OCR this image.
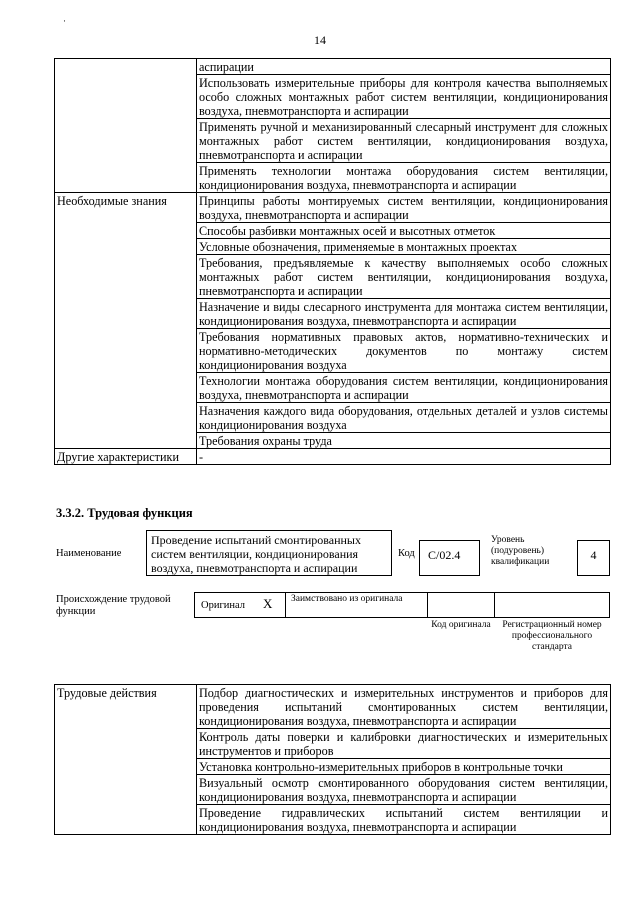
·
14
	аспирации
	Использовать измерительные приборы для контроля качества выполняемых особо сложных монтажных работ систем вентиляции, кондиционирования воздуха, пневмотранспорта и аспирации
	Применять ручной и механизированный слесарный инструмент для сложных монтажных работ систем вентиляции, кондиционирования воздуха, пневмотранспорта и аспирации
	Применять технологии монтажа оборудования систем вентиляции, кондиционирования воздуха, пневмотранспорта и аспирации
Необходимые знания	Принципы работы монтируемых систем вентиляции, кондиционирования воздуха, пневмотранспорта и аспирации
	Способы разбивки монтажных осей и высотных отметок
	Условные обозначения, применяемые в монтажных проектах
	Требования, предъявляемые к качеству выполняемых особо сложных монтажных работ систем вентиляции, кондиционирования воздуха, пневмотранспорта и аспирации
	Назначение и виды слесарного инструмента для монтажа систем вентиляции, кондиционирования воздуха, пневмотранспорта и аспирации
	Требования нормативных правовых актов, нормативно-технических и нормативно-методических документов по монтажу систем кондиционирования воздуха
	Технологии монтажа оборудования систем вентиляции, кондиционирования воздуха, пневмотранспорта и аспирации
	Назначения каждого вида оборудования, отдельных деталей и узлов системы кондиционирования воздуха
	Требования охраны труда
Другие характеристики	-
3.3.2. Трудовая функция
Наименование
Проведение испытаний смонтированных систем вентиляции, кондиционирования воздуха, пневмотранспорта и аспирации
Код	С/02.4
Уровень (подуровень) квалификации	4
Происхождение трудовой функции
Оригинал Х Заимствовано из оригинала
Код оригинала	Регистрационный номер профессионального стандарта
Трудовые действия	Подбор диагностических и измерительных инструментов и приборов для проведения испытаний смонтированных систем вентиляции, кондиционирования воздуха, пневмотранспорта и аспирации
Контроль даты поверки и калибровки диагностических и измерительных инструментов и приборов
Установка контрольно-измерительных приборов в контрольные точки
Визуальный осмотр смонтированного оборудования систем вентиляции, кондиционирования воздуха, пневмотранспорта и аспирации
Проведение гидравлических испытаний систем вентиляции и кондиционирования воздуха, пневмотранспорта и аспирации
